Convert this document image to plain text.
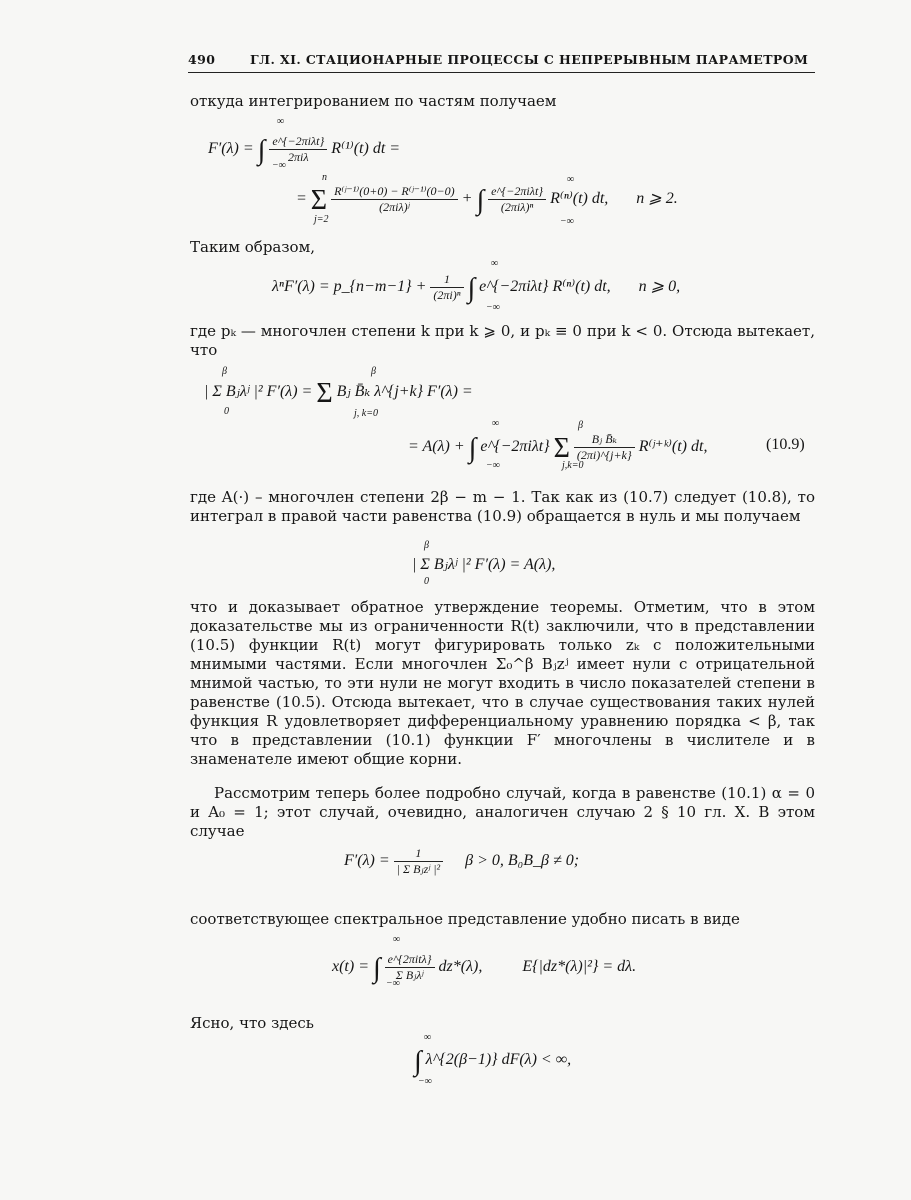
490	ГЛ. XI. СТАЦИОНАРНЫЕ ПРОЦЕССЫ С НЕПРЕРЫВНЫМ ПАРАМЕТРОМ

откуда интегрированием по частям получаем

F′(λ) = ∫ e^{−2πiλt}
2πiλ	R⁽¹⁾(t) dt =
∞
−∞
= Σ R⁽ʲ⁻¹⁾(0+0) − R⁽ʲ⁻¹⁾(0−0)
(2πiλ)ʲ	+ ∫ e^{−2πiλt}
(2πiλ)ⁿ	R⁽ⁿ⁾(t) dt, n ⩾ 2.
n
j=2
∞
−∞

Таким образом,

λⁿF′(λ) = p_{n−m−1} + $\frac{1}{\text{(2πi)ⁿ}}$ ∫ e^{−2πiλt} R⁽ⁿ⁾(t) dt, n ⩾ 0,
∞
−∞

где pₖ — многочлен степени k при k ⩾ 0, и pₖ ≡ 0 при k < 0. Отсюда вытекает, что

| Σ Bⱼλʲ |² F′(λ) = Σ Bⱼ B̄ₖ λ^{j+k} F′(λ) =
β
0
β
j, k=0
= A(λ) + ∫ e^{−2πiλt} Σ $\frac{\text{Bⱼ B̄ₖ}}{(2\pi i)\^{}\{j+k\}}$ R⁽ʲ⁺ᵏ⁾(t) dt,	(10.9)
∞
−∞
β
j,k=0

где A(·) – многочлен степени 2β − m − 1. Так как из (10.7) следует (10.8), то интеграл в правой части равенства (10.9) обращается в нуль и мы получаем

| Σ Bⱼλʲ |² F′(λ) = A(λ),
β
0

что и доказывает обратное утверждение теоремы. Отметим, что в этом доказательстве мы из ограниченности R(t) заключили, что в представлении (10.5) функции R(t) могут фигурировать только zₖ с положительными мнимыми частями. Если многочлен Σ₀^β Bⱼzʲ имеет нули с отрицательной мнимой частью, то эти нули не могут входить в число показателей степени в равенстве (10.5). Отсюда вытекает, что в случае существования таких нулей функция R удовлетворяет дифференциальному уравнению порядка < β, так что в представлении (10.1) функции F′ многочлены в числителе и в знаменателе имеют общие корни.

Рассмотрим теперь более подробно случай, когда в равенстве (10.1) α = 0 и A₀ = 1; этот случай, очевидно, аналогичен случаю 2 § 10 гл. X. В этом случае

F′(λ) =	1
| Σ Bⱼzʲ |² β > 0, B₀B_β ≠ 0;

соответствующее спектральное представление удобно писать в виде

x(t) = ∫ e^{2πitλ}
Σ Bⱼλʲ dz*(λ),	E{|dz*(λ)|²} = dλ.
∞
−∞

Ясно, что здесь

∫ λ^{2(β−1)} dF(λ) < ∞,
∞
−∞
